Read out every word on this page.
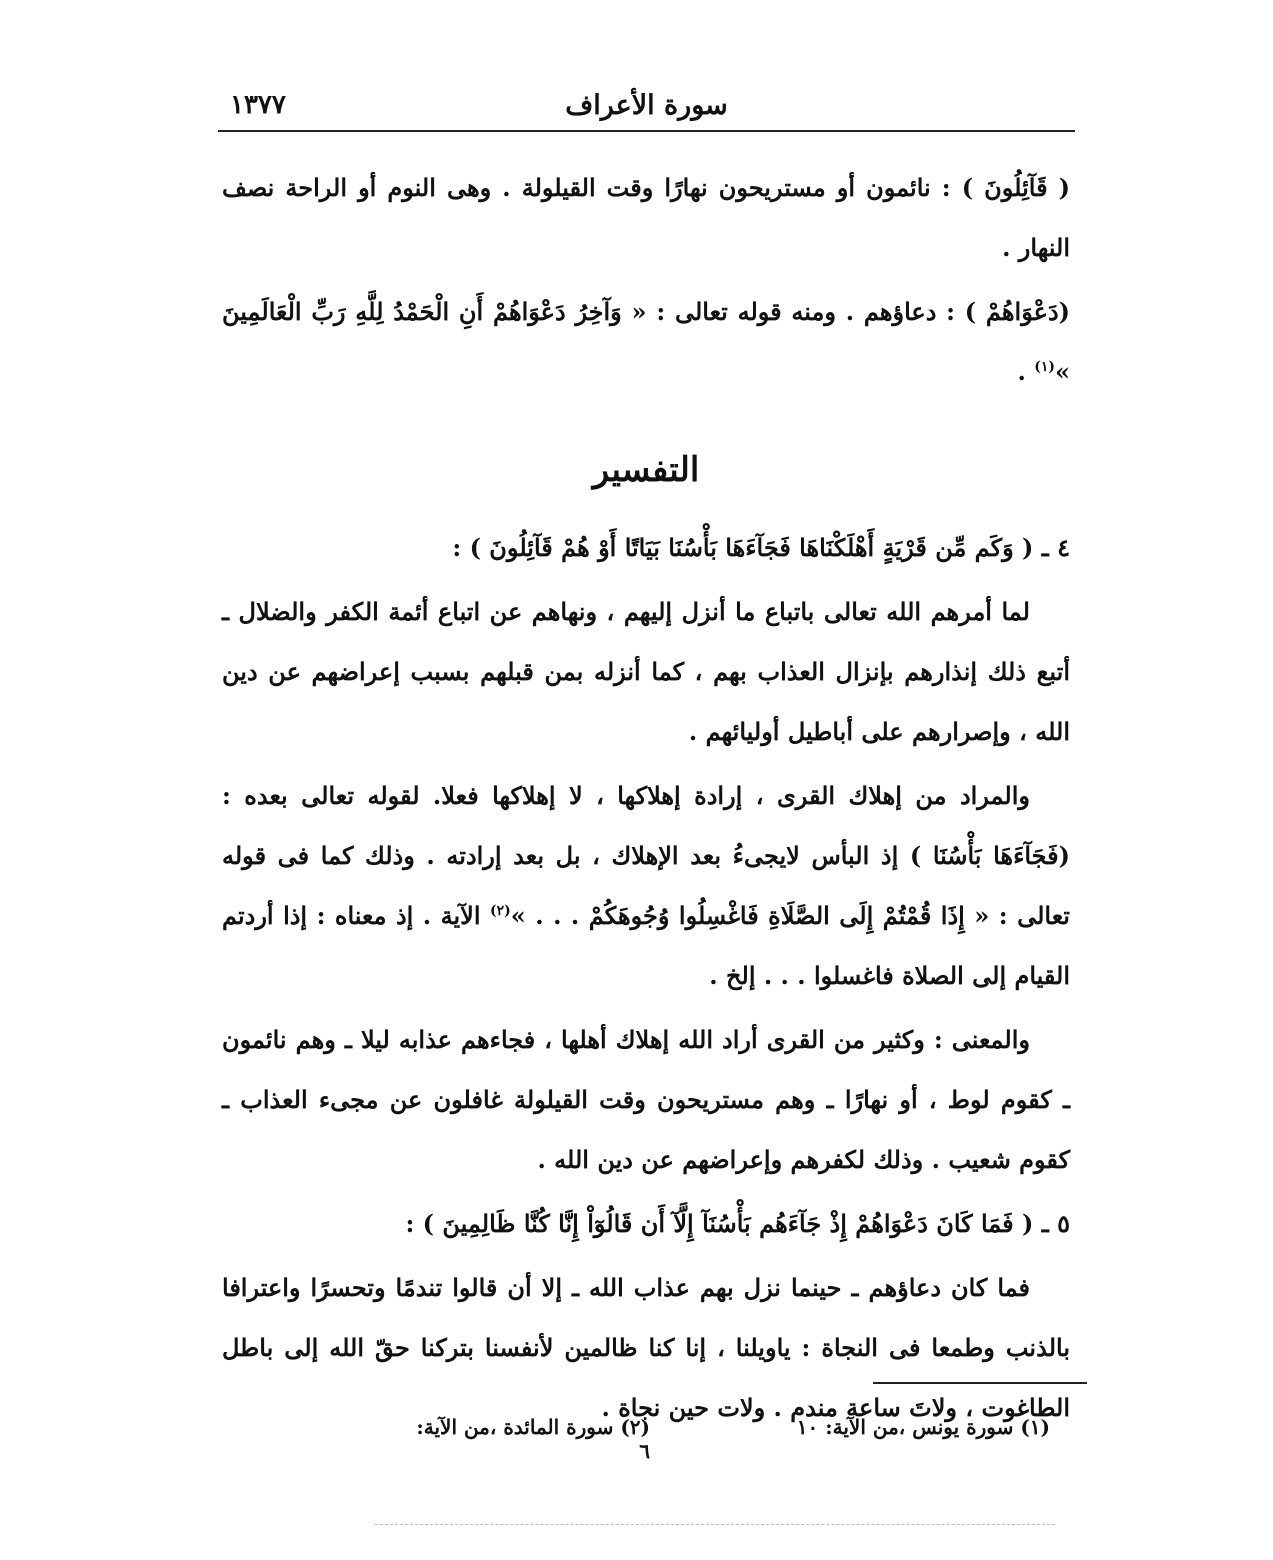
سورة الأعراف
١٣٧٧

( قَآئِلُونَ ) : نائمون أو مستريحون نهارًا وقت القيلولة . وهى النوم أو الراحة نصف النهار .

(دَعْوَاهُمْ ) : دعاؤهم . ومنه قوله تعالى : « وَآخِرُ دَعْوَاهُمْ أَنِ الْحَمْدُ لِلَّهِ رَبِّ الْعَالَمِينَ »$^{(١)}$ .

التفسير

٤ ـ ( وَكَم مِّن قَرْيَةٍ أَهْلَكْنَاهَا فَجَآءَهَا بَأْسُنَا بَيَاتًا أَوْ هُمْ قَآئِلُونَ ) :

لما أمرهم الله تعالى باتباع ما أنزل إليهم ، ونهاهم عن اتباع أئمة الكفر والضلال ـ أتبع ذلك إنذارهم بإنزال العذاب بهم ، كما أنزله بمن قبلهم بسبب إعراضهم عن دين الله ، وإصرارهم على أباطيل أوليائهم .

والمراد من إهلاك القرى ، إرادة إهلاكها ، لا إهلاكها فعلا. لقوله تعالى بعده : (فَجَآءَهَا بَأْسُنَا ) إذ البأس لايجىءُ بعد الإهلاك ، بل بعد إرادته . وذلك كما فى قوله تعالى : « إِذَا قُمْتُمْ إِلَى الصَّلَاةِ فَاغْسِلُوا وُجُوهَكُمْ . . . »$^{(٢)}$ الآية . إذ معناه : إذا أردتم القيام إلى الصلاة فاغسلوا . . . إلخ .

والمعنى : وكثير من القرى أراد الله إهلاك أهلها ، فجاءهم عذابه ليلا ـ وهم نائمون ـ كقوم لوط ، أو نهارًا ـ وهم مستريحون وقت القيلولة غافلون عن مجىء العذاب ـ كقوم شعيب . وذلك لكفرهم وإعراضهم عن دين الله .

٥ ـ ( فَمَا كَانَ دَعْوَاهُمْ إِذْ جَآءَهُم بَأْسُنَآ إِلَّآ أَن قَالُوٓاْ إِنَّا كُنَّا ظَالِمِينَ ) :

فما كان دعاؤهم ـ حينما نزل بهم عذاب الله ـ إلا أن قالوا تندمًا وتحسرًا واعترافا بالذنب وطمعا فى النجاة : ياويلنا ، إنا كنا ظالمين لأنفسنا بتركنا حقّ الله إلى باطل الطاغوت ، ولاتَ ساعة مندم . ولات حين نجاة .

(١) سورة يونس ،من الآية: ١٠
(٢) سورة المائدة ،من الآية: ٦
